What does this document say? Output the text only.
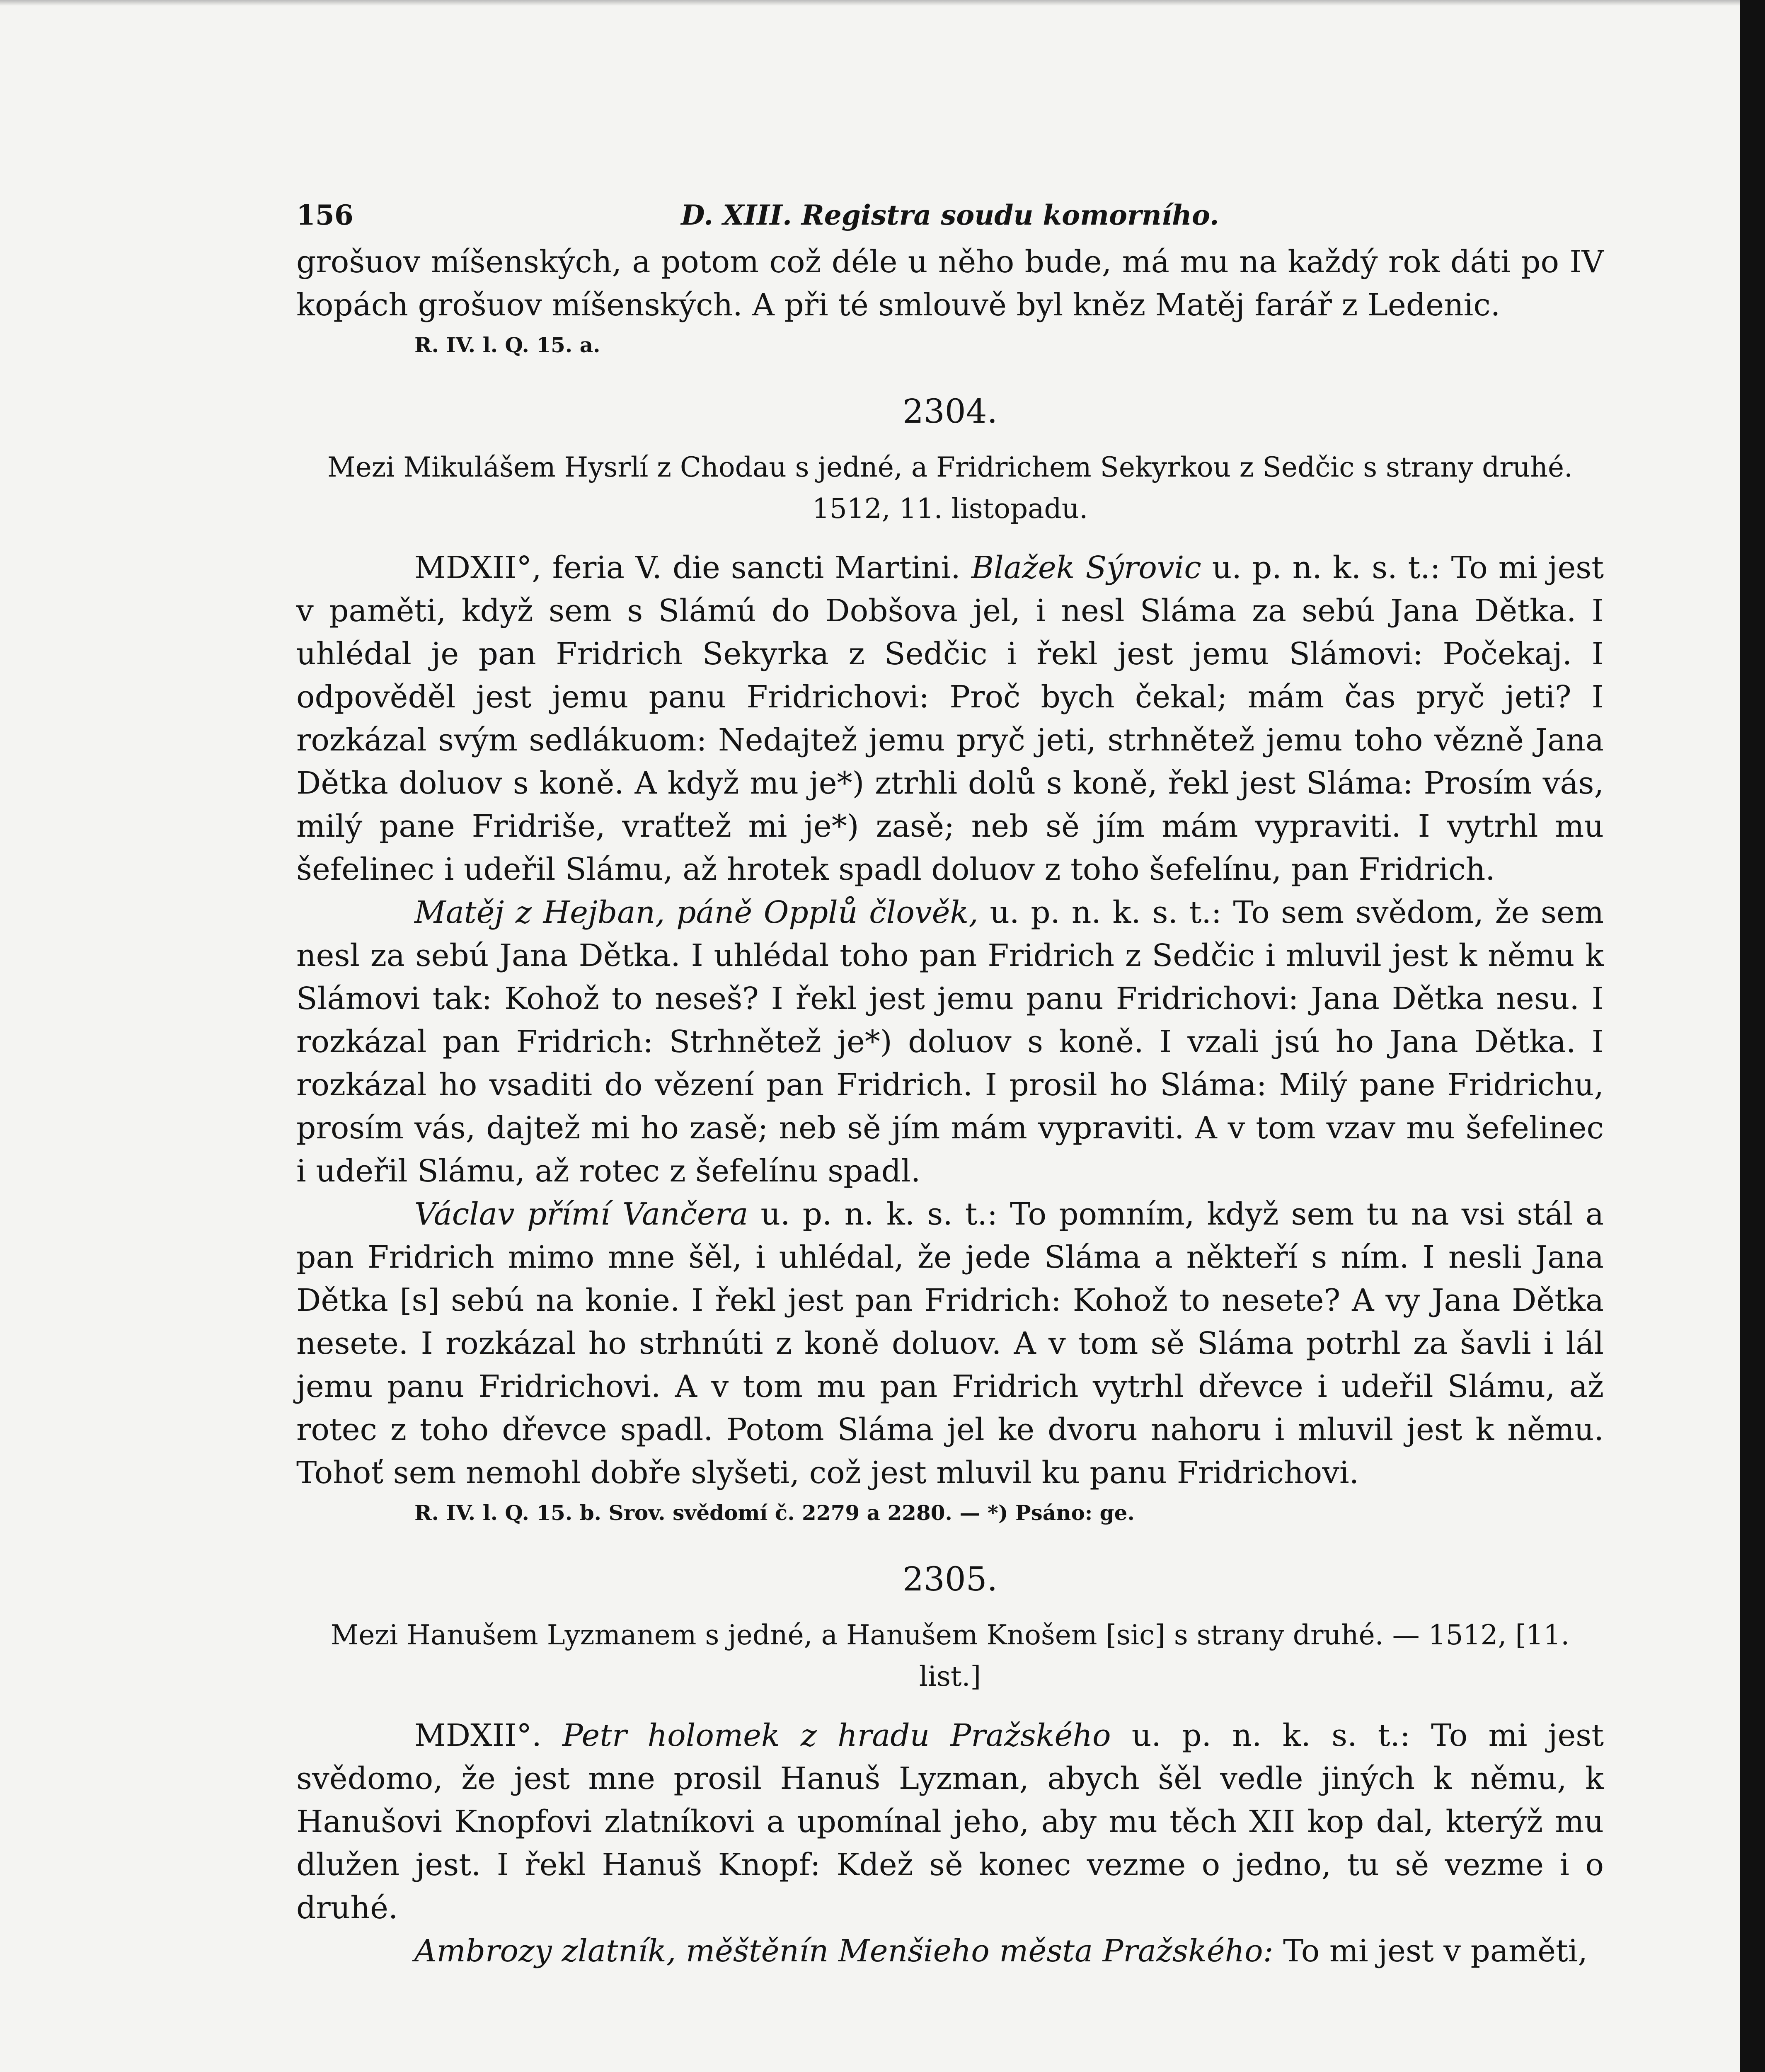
156	D. XIII. Registra soudu komorního.

grošuov míšenských, a potom což déle u něho bude, má mu na každý rok dáti po IV kopách grošuov míšenských. A při té smlouvě byl kněz Matěj farář z Ledenic.

R. IV. l. Q. 15. a.

2304.
Mezi Mikulášem Hysrlí z Chodau s jedné, a Fridrichem Sekyrkou z Sedčic s strany druhé. 1512, 11. listopadu.

MDXII°, feria V. die sancti Martini. Blažek Sýrovic u. p. n. k. s. t.: To mi jest v paměti, když sem s Slámú do Dobšova jel, i nesl Sláma za sebú Jana Dětka. I uhlédal je pan Fridrich Sekyrka z Sedčic i řekl jest jemu Slámovi: Počekaj. I odpověděl jest jemu panu Fridrichovi: Proč bych čekal; mám čas pryč jeti? I rozkázal svým sedlákuom: Nedajtež jemu pryč jeti, strhnětež jemu toho vězně Jana Dětka doluov s koně. A když mu je*) ztrhli dolů s koně, řekl jest Sláma: Prosím vás, milý pane Fridriše, vraťtež mi je*) zasě; neb sě jím mám vypraviti. I vytrhl mu šefelinec i udeřil Slámu, až hrotek spadl doluov z toho šefelínu, pan Fridrich.

Matěj z Hejban, páně Opplů člověk, u. p. n. k. s. t.: To sem svědom, že sem nesl za sebú Jana Dětka. I uhlédal toho pan Fridrich z Sedčic i mluvil jest k němu k Slámovi tak: Kohož to neseš? I řekl jest jemu panu Fridrichovi: Jana Dětka nesu. I rozkázal pan Fridrich: Strhnětež je*) doluov s koně. I vzali jsú ho Jana Dětka. I rozkázal ho vsaditi do vězení pan Fridrich. I prosil ho Sláma: Milý pane Fridrichu, prosím vás, dajtež mi ho zasě; neb sě jím mám vypraviti. A v tom vzav mu šefelinec i udeřil Slámu, až rotec z šefelínu spadl.

Václav přímí Vančera u. p. n. k. s. t.: To pomním, když sem tu na vsi stál a pan Fridrich mimo mne šěl, i uhlédal, že jede Sláma a někteří s ním. I nesli Jana Dětka [s] sebú na konie. I řekl jest pan Fridrich: Kohož to nesete? A vy Jana Dětka nesete. I rozkázal ho strhnúti z koně doluov. A v tom sě Sláma potrhl za šavli i lál jemu panu Fridrichovi. A v tom mu pan Fridrich vytrhl dřevce i udeřil Slámu, až rotec z toho dřevce spadl. Potom Sláma jel ke dvoru nahoru i mluvil jest k němu. Tohoť sem nemohl dobře slyšeti, což jest mluvil ku panu Fridrichovi.

R. IV. l. Q. 15. b. Srov. svědomí č. 2279 a 2280. — *) Psáno: ge.

2305.
Mezi Hanušem Lyzmanem s jedné, a Hanušem Knošem [sic] s strany druhé. — 1512, [11. list.]

MDXII°. Petr holomek z hradu Pražského u. p. n. k. s. t.: To mi jest svědomo, že jest mne prosil Hanuš Lyzman, abych šěl vedle jiných k němu, k Hanušovi Knopfovi zlatníkovi a upomínal jeho, aby mu těch XII kop dal, kterýž mu dlužen jest. I řekl Hanuš Knopf: Kdež sě konec vezme o jedno, tu sě vezme i o druhé.

Ambrozy zlatník, měštěnín Menšieho města Pražského: To mi jest v paměti,
